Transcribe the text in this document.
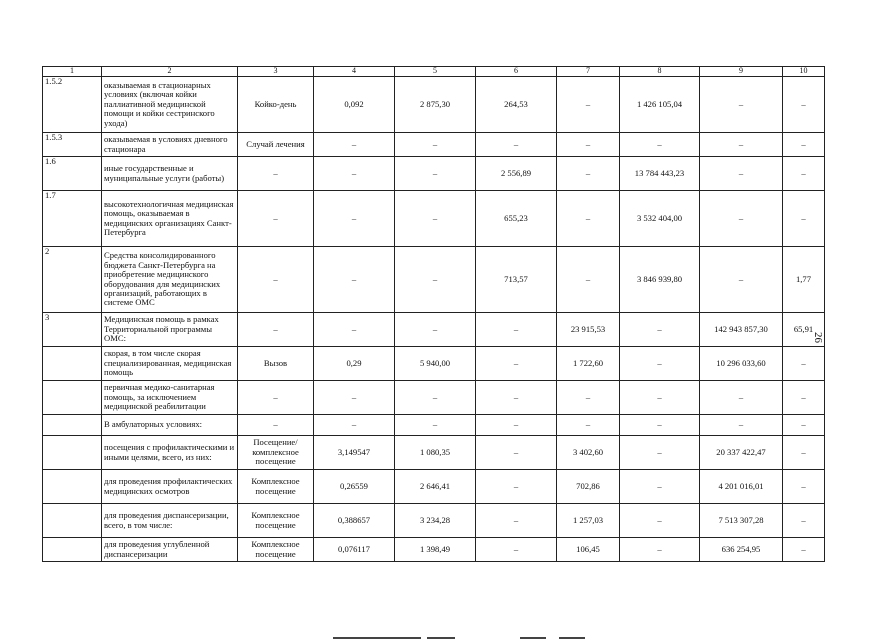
1	2	3	4	5	6	7	8	9	10
1.5.2	оказываемая в стационарных условиях (включая койки паллиативной медицинской помощи и койки сестринского ухода)	Койко-день	0,092	2 875,30	264,53	–	1 426 105,04	–	–
1.5.3	оказываемая в условиях дневного стационара	Случай лечения	–	–	–	–	–	–	–
1.6	иные государственные и муниципальные услуги (работы)	–	–	–	2 556,89	–	13 784 443,23	–	–
1.7	высокотехнологичная медицинская помощь, оказываемая в медицинских организациях Санкт-Петербурга	–	–	–	655,23	–	3 532 404,00	–	–
2	Средства консолидированного бюджета Санкт-Петербурга на приобретение медицинского оборудования для медицинских организаций, работающих в системе ОМС	–	–	–	713,57	–	3 846 939,80	–	1,77
3	Медицинская помощь в рамках Территориальной программы ОМС:	–	–	–	–	23 915,53	–	142 943 857,30	65,91
	скорая, в том числе скорая специализированная, медицинская помощь	Вызов	0,29	5 940,00	–	1 722,60	–	10 296 033,60	–
	первичная медико-санитарная помощь, за исключением медицинской реабилитации	–	–	–	–	–	–	–	–
	В амбулаторных условиях:	–	–	–	–	–	–	–	–
	посещения с профилактическими и иными целями, всего, из них:	Посещение/ комплексное посещение	3,149547	1 080,35	–	3 402,60	–	20 337 422,47	–
	для проведения профилактических медицинских осмотров	Комплексное посещение	0,26559	2 646,41	–	702,86	–	4 201 016,01	–
	для проведения диспансеризации, всего, в том числе:	Комплексное посещение	0,388657	3 234,28	–	1 257,03	–	7 513 307,28	–
	для проведения углубленной диспансеризации	Комплексное посещение	0,076117	1 398,49	–	106,45	–	636 254,95	–
26
